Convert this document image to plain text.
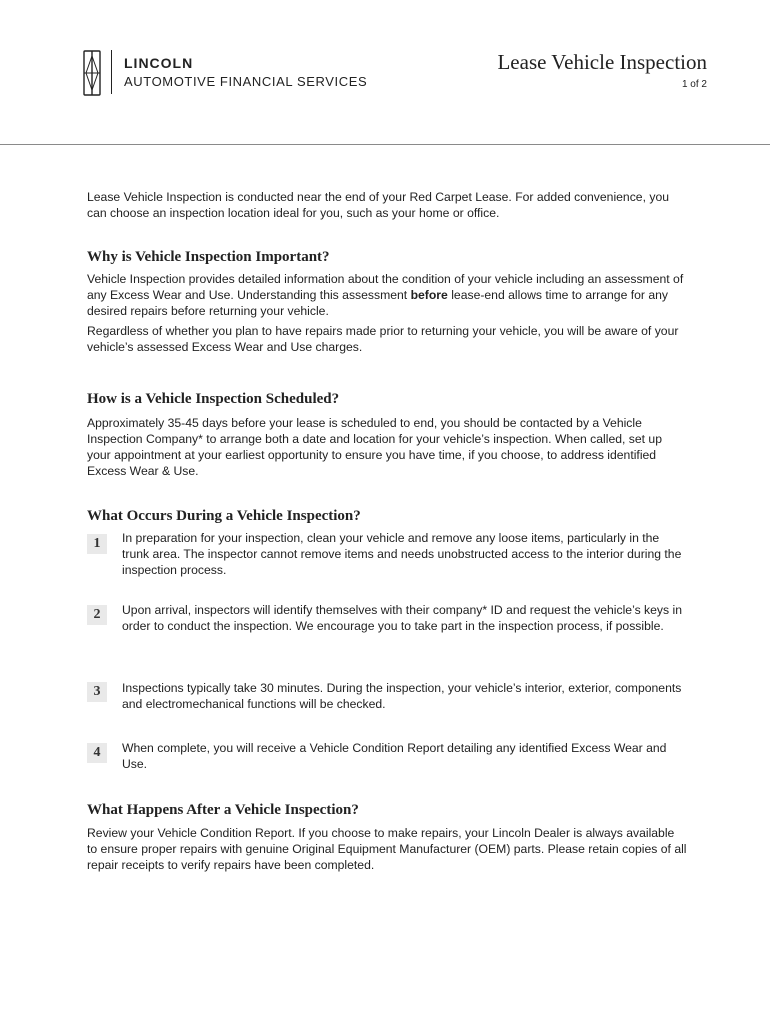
LINCOLN
AUTOMOTIVE FINANCIAL SERVICES
Lease Vehicle Inspection
1 of 2

Lease Vehicle Inspection is conducted near the end of your Red Carpet Lease. For added convenience, you can choose an inspection location ideal for you, such as your home or office.

Why is Vehicle Inspection Important?

Vehicle Inspection provides detailed information about the condition of your vehicle including an assessment of any Excess Wear and Use. Understanding this assessment before lease-end allows time to arrange for any desired repairs before returning your vehicle.

Regardless of whether you plan to have repairs made prior to returning your vehicle, you will be aware of your vehicle’s assessed Excess Wear and Use charges.

How is a Vehicle Inspection Scheduled?

Approximately 35-45 days before your lease is scheduled to end, you should be contacted by a Vehicle Inspection Company* to arrange both a date and location for your vehicle’s inspection. When called, set up your appointment at your earliest opportunity to ensure you have time, if you choose, to address identified Excess Wear & Use.

What Occurs During a Vehicle Inspection?
1	In preparation for your inspection, clean your vehicle and remove any loose items, particularly in the trunk area. The inspector cannot remove items and needs unobstructed access to the interior during the inspection process.

2	Upon arrival, inspectors will identify themselves with their company* ID and request the vehicle’s keys in order to conduct the inspection. We encourage you to take part in the inspection process, if possible.

3	Inspections typically take 30 minutes. During the inspection, your vehicle’s interior, exterior, components and electromechanical functions will be checked.

4	When complete, you will receive a Vehicle Condition Report detailing any identified Excess Wear and Use.

What Happens After a Vehicle Inspection?

Review your Vehicle Condition Report. If you choose to make repairs, your Lincoln Dealer is always available to ensure proper repairs with genuine Original Equipment Manufacturer (OEM) parts. Please retain copies of all repair receipts to verify repairs have been completed.
